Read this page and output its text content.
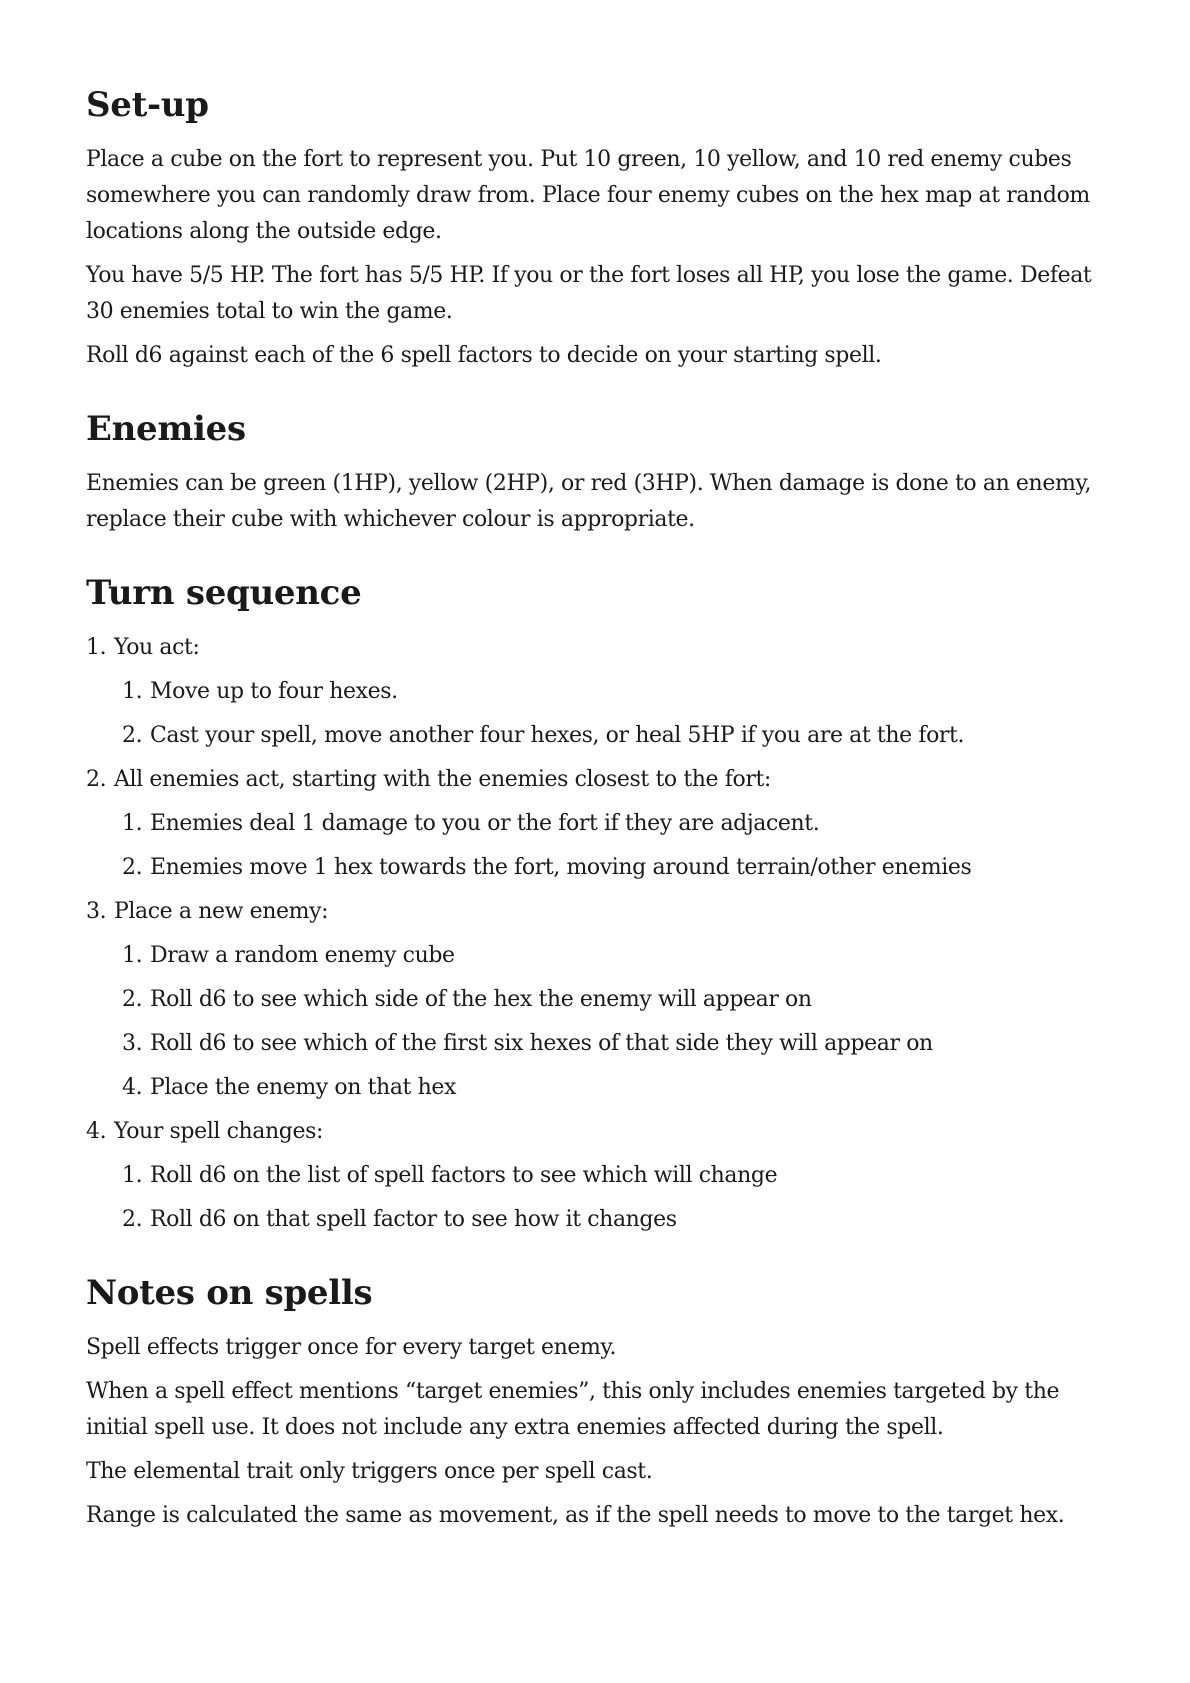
Set-up

Place a cube on the fort to represent you. Put 10 green, 10 yellow, and 10 red enemy cubes somewhere you can randomly draw from. Place four enemy cubes on the hex map at random locations along the outside edge.

You have 5/5 HP. The fort has 5/5 HP. If you or the fort loses all HP, you lose the game. Defeat 30 enemies total to win the game.

Roll d6 against each of the 6 spell factors to decide on your starting spell.

Enemies

Enemies can be green (1HP), yellow (2HP), or red (3HP). When damage is done to an enemy, replace their cube with whichever colour is appropriate.

Turn sequence
1. You act:
1. Move up to four hexes.
2. Cast your spell, move another four hexes, or heal 5HP if you are at the fort.
2. All enemies act, starting with the enemies closest to the fort:
1. Enemies deal 1 damage to you or the fort if they are adjacent.
2. Enemies move 1 hex towards the fort, moving around terrain/other enemies
3. Place a new enemy:
1. Draw a random enemy cube
2. Roll d6 to see which side of the hex the enemy will appear on
3. Roll d6 to see which of the first six hexes of that side they will appear on
4. Place the enemy on that hex
4. Your spell changes:
1. Roll d6 on the list of spell factors to see which will change
2. Roll d6 on that spell factor to see how it changes
Notes on spells

Spell effects trigger once for every target enemy.

When a spell effect mentions “target enemies”, this only includes enemies targeted by the initial spell use. It does not include any extra enemies affected during the spell.

The elemental trait only triggers once per spell cast.

Range is calculated the same as movement, as if the spell needs to move to the target hex.
